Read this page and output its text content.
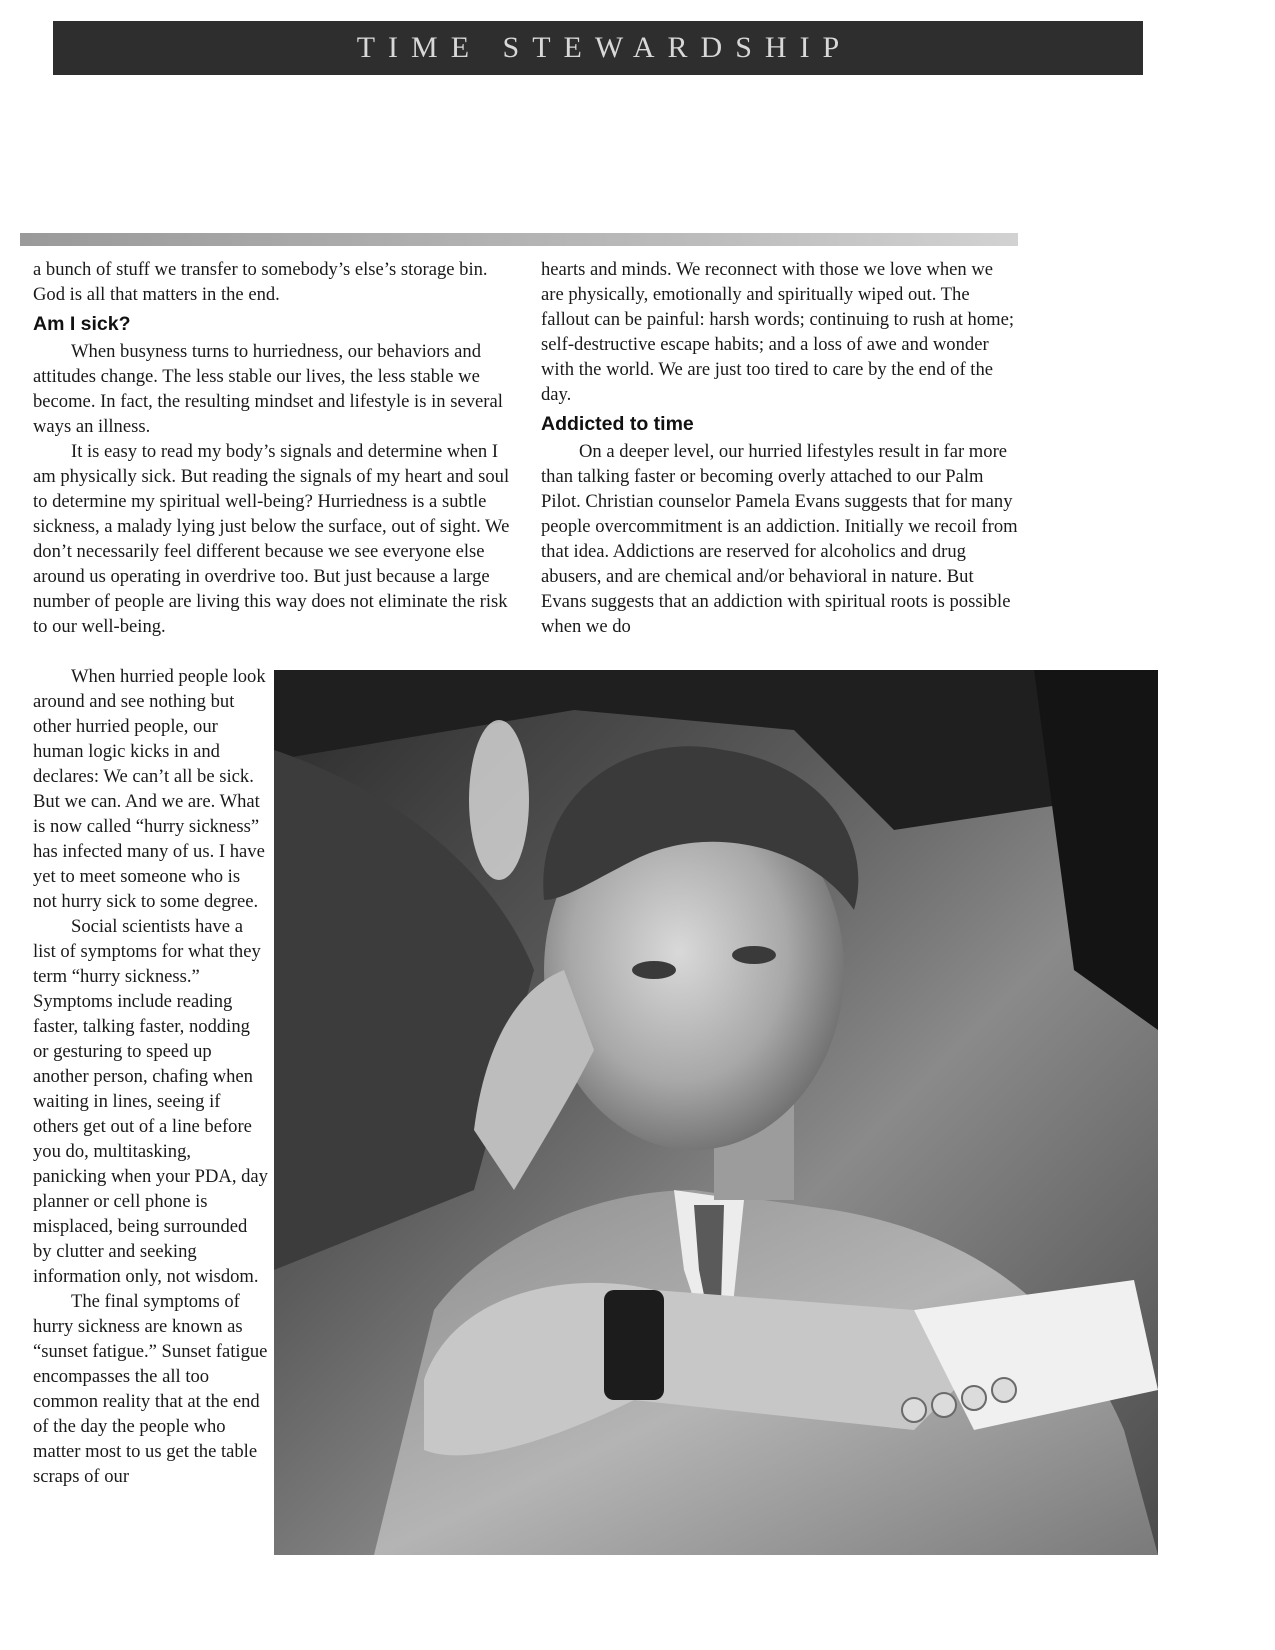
TIME STEWARDSHIP

a bunch of stuff we transfer to somebody’s else’s storage bin. God is all that matters in the end.

Am I sick?

When busyness turns to hurriedness, our behaviors and attitudes change. The less stable our lives, the less stable we become. In fact, the resulting mindset and lifestyle is in several ways an illness.

It is easy to read my body’s signals and determine when I am physically sick. But reading the signals of my heart and soul to determine my spiritual well-being? Hurriedness is a subtle sickness, a malady lying just below the surface, out of sight. We don’t necessarily feel different because we see everyone else around us operating in overdrive too. But just because a large number of people are living this way does not eliminate the risk to our well-being.

When hurried people look around and see nothing but other hurried people, our human logic kicks in and declares: We can’t all be sick. But we can. And we are. What is now called “hurry sickness” has infected many of us. I have yet to meet someone who is not hurry sick to some degree.

Social scientists have a list of symptoms for what they term “hurry sickness.” Symptoms include reading faster, talking faster, nodding or gesturing to speed up another person, chafing when waiting in lines, seeing if others get out of a line before you do, multitasking, panicking when your PDA, day planner or cell phone is misplaced, being surrounded by clutter and seeking information only, not wisdom.

The final symptoms of hurry sickness are known as “sunset fatigue.” Sunset fatigue encompasses the all too common reality that at the end of the day the people who matter most to us get the table scraps of our

hearts and minds. We reconnect with those we love when we are physically, emotionally and spiritually wiped out. The fallout can be painful: harsh words; continuing to rush at home; self-destructive escape habits; and a loss of awe and wonder with the world. We are just too tired to care by the end of the day.

Addicted to time

On a deeper level, our hurried lifestyles result in far more than talking faster or becoming overly attached to our Palm Pilot. Christian counselor Pamela Evans suggests that for many people overcommitment is an addiction. Initially we recoil from that idea. Addictions are reserved for alcoholics and drug abusers, and are chemical and/or behavioral in nature. But Evans suggests that an addiction with spiritual roots is possible when we do
